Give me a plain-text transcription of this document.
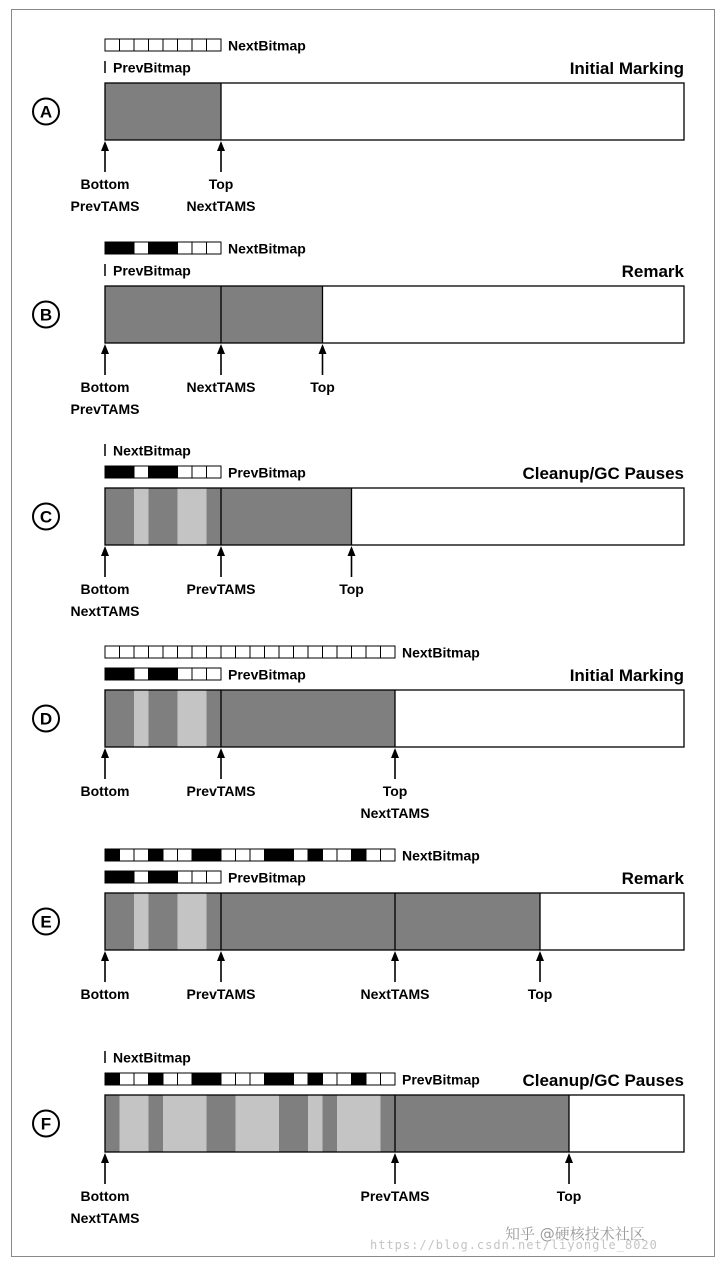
NextBitmap
PrevBitmap	Initial Marking
A
Bottom
PrevTAMS
Top
NextTAMS
NextBitmap
PrevBitmap	Remark
B
Bottom
PrevTAMS
NextTAMS	Top
NextBitmap
PrevBitmap	Cleanup/GC Pauses
C
Bottom
NextTAMS
PrevTAMS	Top
NextBitmap
PrevBitmap	Initial Marking
D
Bottom	PrevTAMS	Top
NextTAMS
NextBitmap
PrevBitmap	Remark
E
Bottom	PrevTAMS	NextTAMS	Top
NextBitmap
PrevBitmap	Cleanup/GC Pauses
F
Bottom
NextTAMS
PrevTAMS	Top
知乎 @硬核技术社区
https://blog.csdn.net/liyongle_8020
